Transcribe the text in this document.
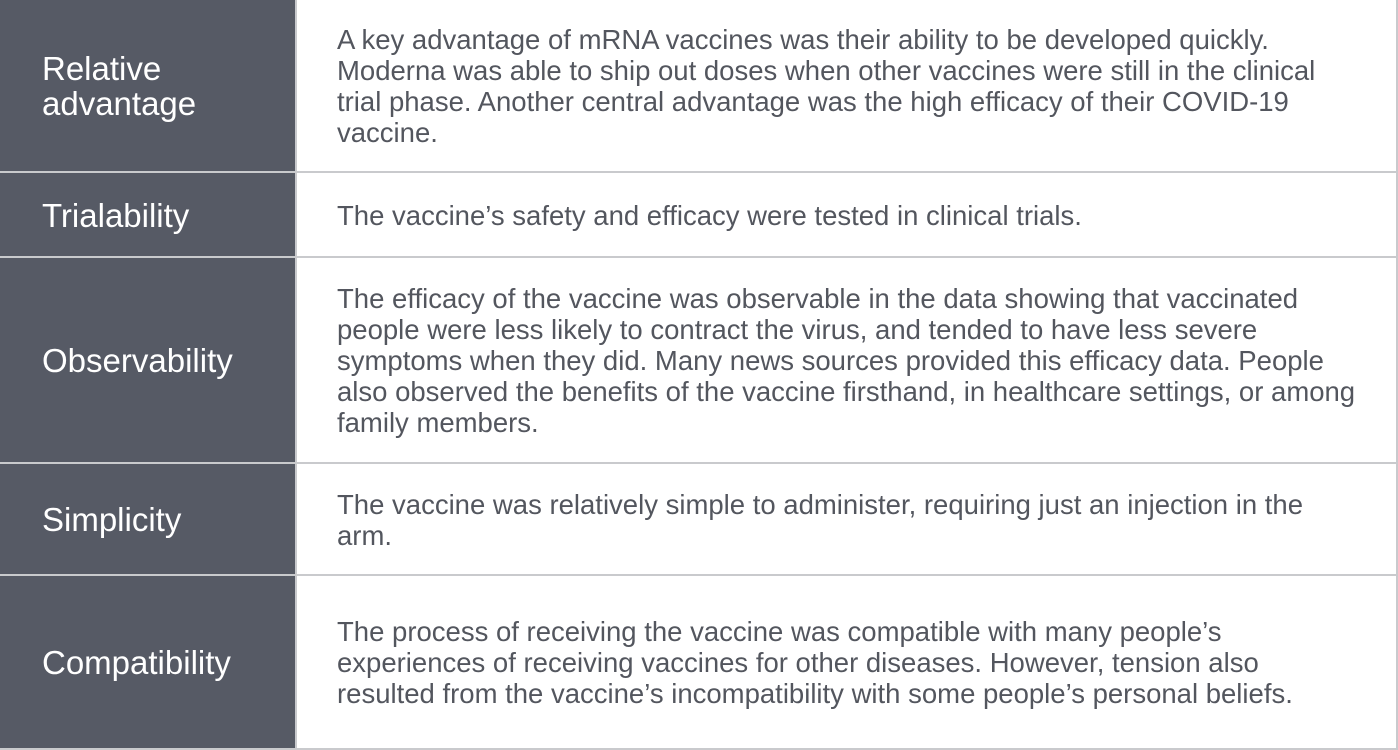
Relative advantage
A key advantage of mRNA vaccines was their ability to be developed quickly. Moderna was able to ship out doses when other vaccines were still in the clinical trial phase. Another central advantage was the high efficacy of their COVID-19 vaccine.
Trialability	The vaccine’s safety and efficacy were tested in clinical trials.
Observability
The efficacy of the vaccine was observable in the data showing that vaccinated people were less likely to contract the virus, and tended to have less severe symptoms when they did. Many news sources provided this efficacy data. People also observed the benefits of the vaccine firsthand, in healthcare settings, or among family members.
Simplicity	The vaccine was relatively simple to administer, requiring just an injection in the arm.
Compatibility
The process of receiving the vaccine was compatible with many people’s experiences of receiving vaccines for other diseases. However, tension also resulted from the vaccine’s incompatibility with some people’s personal beliefs.
